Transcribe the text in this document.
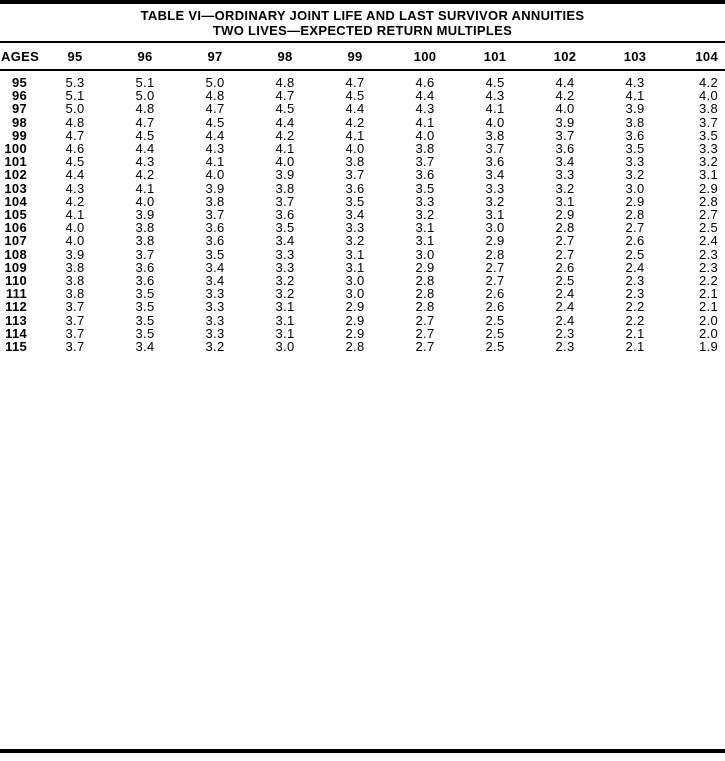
TABLE VI—ORDINARY JOINT LIFE AND LAST SURVIVOR ANNUITIES
TWO LIVES—EXPECTED RETURN MULTIPLES
AGES	95	96	97	98	99	100	101	102	103	104
95	5.3	5.1	5.0	4.8	4.7	4.6	4.5	4.4	4.3	4.2
96	5.1	5.0	4.8	4.7	4.5	4.4	4.3	4.2	4.1	4.0
97	5.0	4.8	4.7	4.5	4.4	4.3	4.1	4.0	3.9	3.8
98	4.8	4.7	4.5	4.4	4.2	4.1	4.0	3.9	3.8	3.7
99	4.7	4.5	4.4	4.2	4.1	4.0	3.8	3.7	3.6	3.5
100	4.6	4.4	4.3	4.1	4.0	3.8	3.7	3.6	3.5	3.3
101	4.5	4.3	4.1	4.0	3.8	3.7	3.6	3.4	3.3	3.2
102	4.4	4.2	4.0	3.9	3.7	3.6	3.4	3.3	3.2	3.1
103	4.3	4.1	3.9	3.8	3.6	3.5	3.3	3.2	3.0	2.9
104	4.2	4.0	3.8	3.7	3.5	3.3	3.2	3.1	2.9	2.8
105	4.1	3.9	3.7	3.6	3.4	3.2	3.1	2.9	2.8	2.7
106	4.0	3.8	3.6	3.5	3.3	3.1	3.0	2.8	2.7	2.5
107	4.0	3.8	3.6	3.4	3.2	3.1	2.9	2.7	2.6	2.4
108	3.9	3.7	3.5	3.3	3.1	3.0	2.8	2.7	2.5	2.3
109	3.8	3.6	3.4	3.3	3.1	2.9	2.7	2.6	2.4	2.3
110	3.8	3.6	3.4	3.2	3.0	2.8	2.7	2.5	2.3	2.2
111	3.8	3.5	3.3	3.2	3.0	2.8	2.6	2.4	2.3	2.1
112	3.7	3.5	3.3	3.1	2.9	2.8	2.6	2.4	2.2	2.1
113	3.7	3.5	3.3	3.1	2.9	2.7	2.5	2.4	2.2	2.0
114	3.7	3.5	3.3	3.1	2.9	2.7	2.5	2.3	2.1	2.0
115	3.7	3.4	3.2	3.0	2.8	2.7	2.5	2.3	2.1	1.9
